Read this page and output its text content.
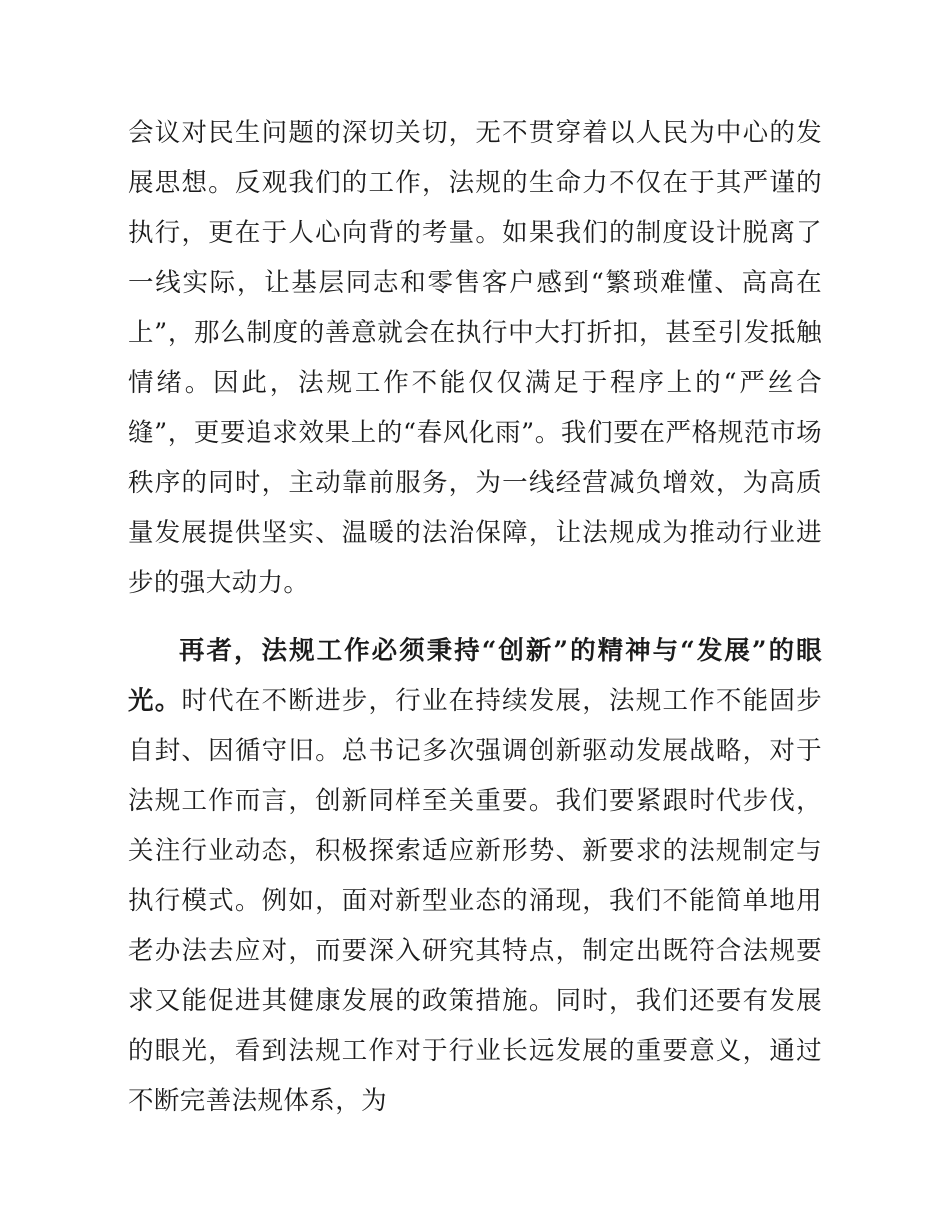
会议对民生问题的深切关切，无不贯穿着以人民为中心的发展思想。反观我们的工作，法规的生命力不仅在于其严谨的执行，更在于人心向背的考量。如果我们的制度设计脱离了一线实际，让基层同志和零售客户感到“繁琐难懂、高高在上”，那么制度的善意就会在执行中大打折扣，甚至引发抵触情绪。因此，法规工作不能仅仅满足于程序上的“严丝合缝”，更要追求效果上的“春风化雨”。我们要在严格规范市场秩序的同时，主动靠前服务，为一线经营减负增效，为高质量发展提供坚实、温暖的法治保障，让法规成为推动行业进步的强大动力。

再者，法规工作必须秉持“创新”的精神与“发展”的眼光。时代在不断进步，行业在持续发展，法规工作不能固步自封、因循守旧。总书记多次强调创新驱动发展战略，对于法规工作而言，创新同样至关重要。我们要紧跟时代步伐，关注行业动态，积极探索适应新形势、新要求的法规制定与执行模式。例如，面对新型业态的涌现，我们不能简单地用老办法去应对，而要深入研究其特点，制定出既符合法规要求又能促进其健康发展的政策措施。同时，我们还要有发展的眼光，看到法规工作对于行业长远发展的重要意义，通过不断完善法规体系，为
